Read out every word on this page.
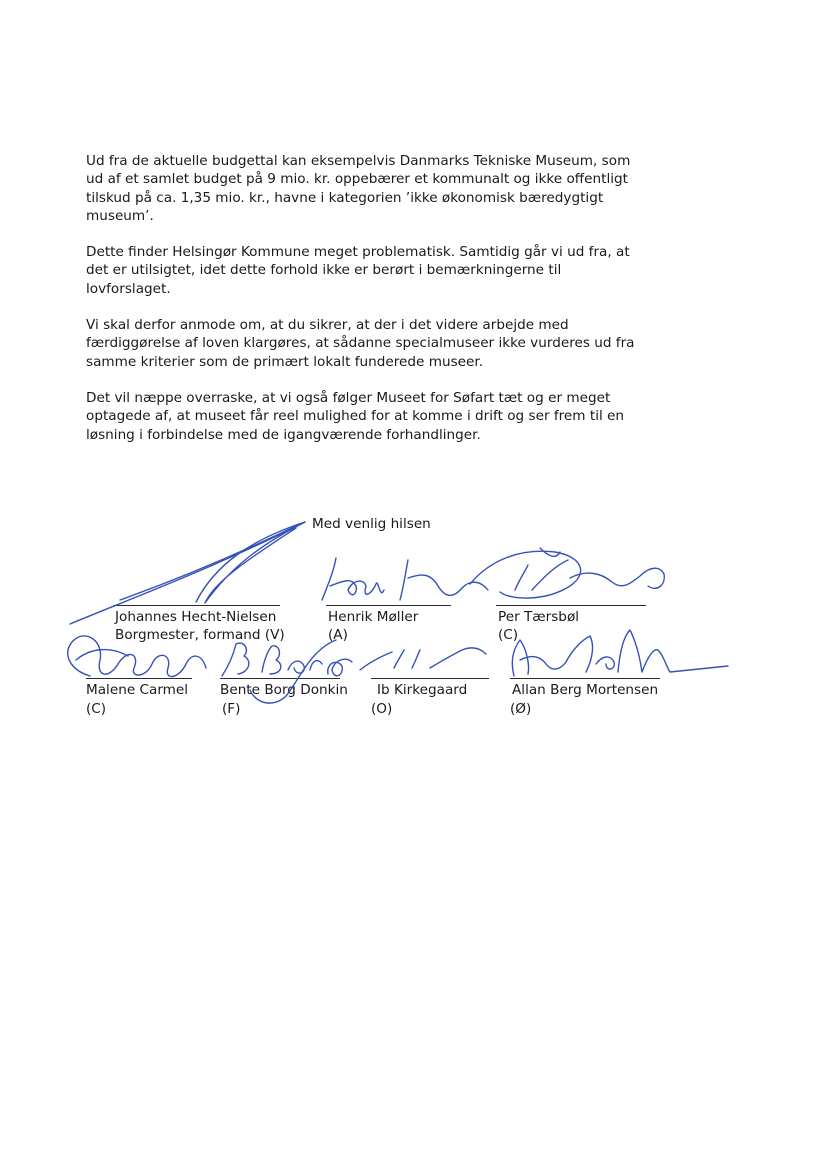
Ud fra de aktuelle budgettal kan eksempelvis Danmarks Tekniske Museum, som
ud af et samlet budget på 9 mio. kr. oppebærer et kommunalt og ikke offentligt
tilskud på ca. 1,35 mio. kr., havne i kategorien ’ikke økonomisk bæredygtigt
museum’.

Dette finder Helsingør Kommune meget problematisk. Samtidig går vi ud fra, at
det er utilsigtet, idet dette forhold ikke er berørt i bemærkningerne til
lovforslaget.

Vi skal derfor anmode om, at du sikrer, at der i det videre arbejde med
færdiggørelse af loven klargøres, at sådanne specialmuseer ikke vurderes ud fra
samme kriterier som de primært lokalt funderede museer.

Det vil næppe overraske, at vi også følger Museet for Søfart tæt og er meget
optagede af, at museet får reel mulighed for at komme i drift og ser frem til en
løsning i forbindelse med de igangværende forhandlinger.

Med venlig hilsen
Johannes Hecht-Nielsen
Borgmester, formand (V)
Henrik Møller
(A)
Per Tærsbøl
(C)
Malene Carmel
(C)
Bente Borg Donkin
(F)
Ib Kirkegaard
(O)
Allan Berg Mortensen
(Ø)
